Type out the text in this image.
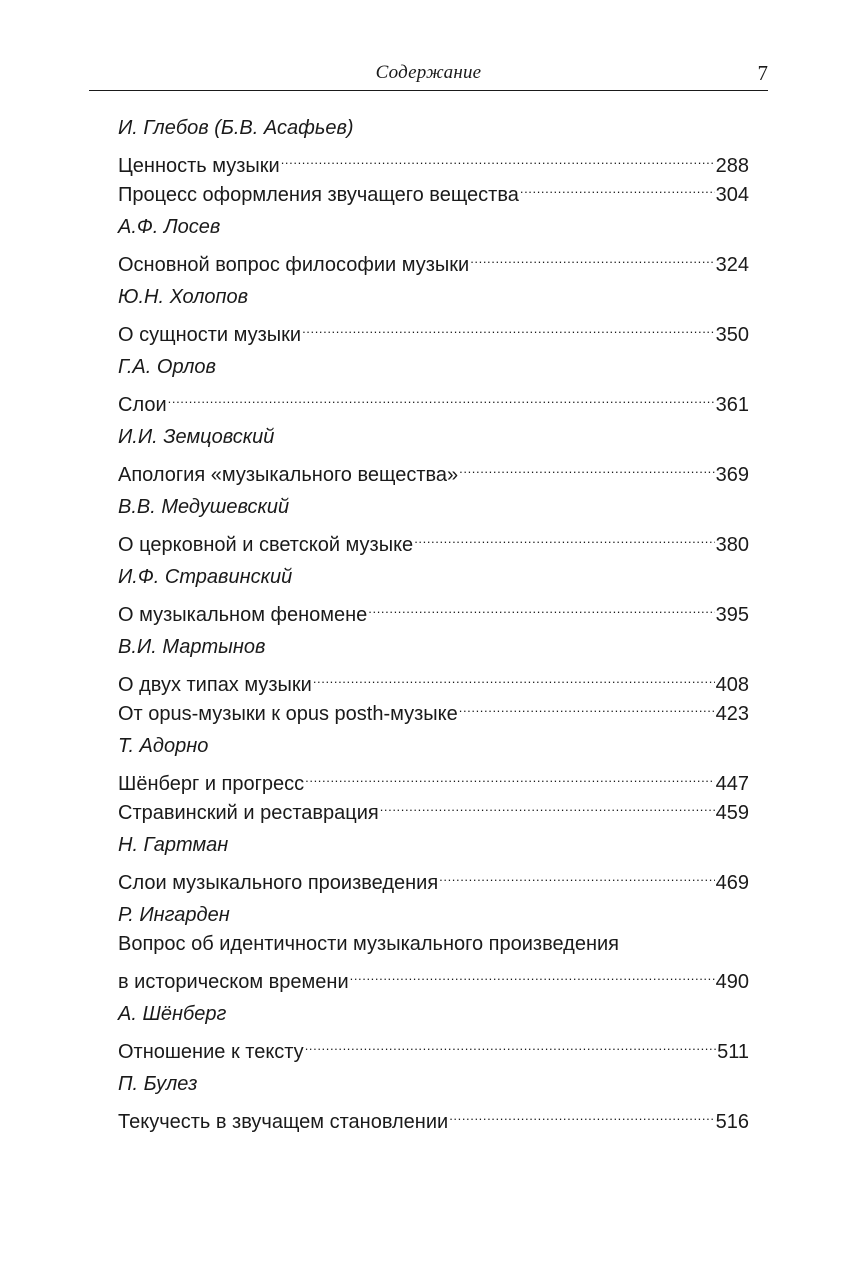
Содержание	7
И. Глебов (Б.В. Асафьев)
Ценность музыки .....	288
Процесс оформления звучащего вещества .....	304
А.Ф. Лосев
Основной вопрос философии музыки .....	324
Ю.Н. Холопов
О сущности музыки .....	350
Г.А. Орлов
Слои .....	361
И.И. Земцовский
Апология «музыкального вещества» .....	369
В.В. Медушевский
О церковной и светской музыке .....	380
И.Ф. Стравинский
О музыкальном феномене .....	395
В.И. Мартынов
О двух типах музыки .....	408
От opus-музыки к opus posth-музыке .....	423
Т. Адорно
Шёнберг и прогресс .....	447
Стравинский и реставрация .....	459
Н. Гартман
Слои музыкального произведения .....	469
Р. Ингарден
Вопрос об идентичности музыкального произведения
в историческом времени .....	490
А. Шёнберг
Отношение к тексту .....	511
П. Булез
Текучесть в звучащем становлении .....	516
